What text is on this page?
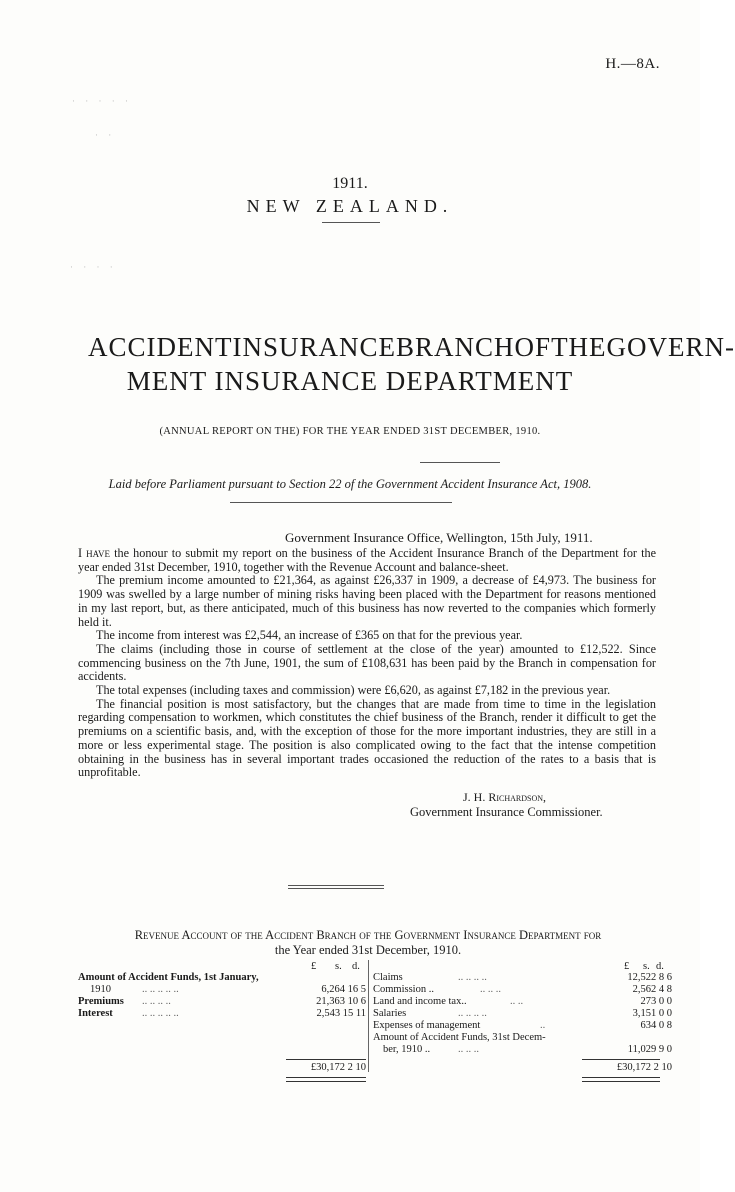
· · · · ·
· ·
· · · ·
H.—8A.
1911.
NEW ZEALAND.
ACCIDENT INSURANCE BRANCH OF THE GOVERN-
MENT INSURANCE DEPARTMENT
(ANNUAL REPORT ON THE) FOR THE YEAR ENDED 31ST DECEMBER, 1910.
Laid before Parliament pursuant to Section 22 of the Government Accident Insurance Act, 1908.
Government Insurance Office, Wellington, 15th July, 1911.

I have the honour to submit my report on the business of the Accident Insurance Branch of the Department for the year ended 31st December, 1910, together with the Revenue Account and balance-sheet.

The premium income amounted to £21,364, as against £26,337 in 1909, a decrease of £4,973. The business for 1909 was swelled by a large number of mining risks having been placed with the Department for reasons mentioned in my last report, but, as there anticipated, much of this business has now reverted to the companies which formerly held it.

The income from interest was £2,544, an increase of £365 on that for the previous year.

The claims (including those in course of settlement at the close of the year) amounted to £12,522. Since commencing business on the 7th June, 1901, the sum of £108,631 has been paid by the Branch in compensation for accidents.

The total expenses (including taxes and commission) were £6,620, as against £7,182 in the previous year.

The financial position is most satisfactory, but the changes that are made from time to time in the legislation regarding compensation to workmen, which constitutes the chief business of the Branch, render it difficult to get the premiums on a scientific basis, and, with the exception of those for the more important industries, they are still in a more or less experimental stage. The position is also complicated owing to the fact that the intense competition obtaining in the business has in several important trades occasioned the reduction of the rates to a basis that is unprofitable.

J. H. Richardson,
Government Insurance Commissioner.
Revenue Account of the Accident Branch of the Government Insurance Department for
the Year ended 31st December, 1910.
£ s. d.	£ s. d.
Amount of Accident Funds, 1st January,
1910	.. .. .. .. ..	6,264 16 5
Premiums .. .. .. ..	21,363 10 6
Interest	.. .. .. .. ..	2,543 15 11
Claims	.. .. .. ..	12,522 8 6
Commission ..	.. .. ..	2,562 4 8
Land and income tax..	.. ..	273 0 0
Salaries	.. .. .. ..	3,151 0 0
Expenses of management	..	634 0 8
Amount of Accident Funds, 31st Decem-
ber, 1910 ..	.. .. ..	11,029 9 0
£30,172 2 10	£30,172 2 10
